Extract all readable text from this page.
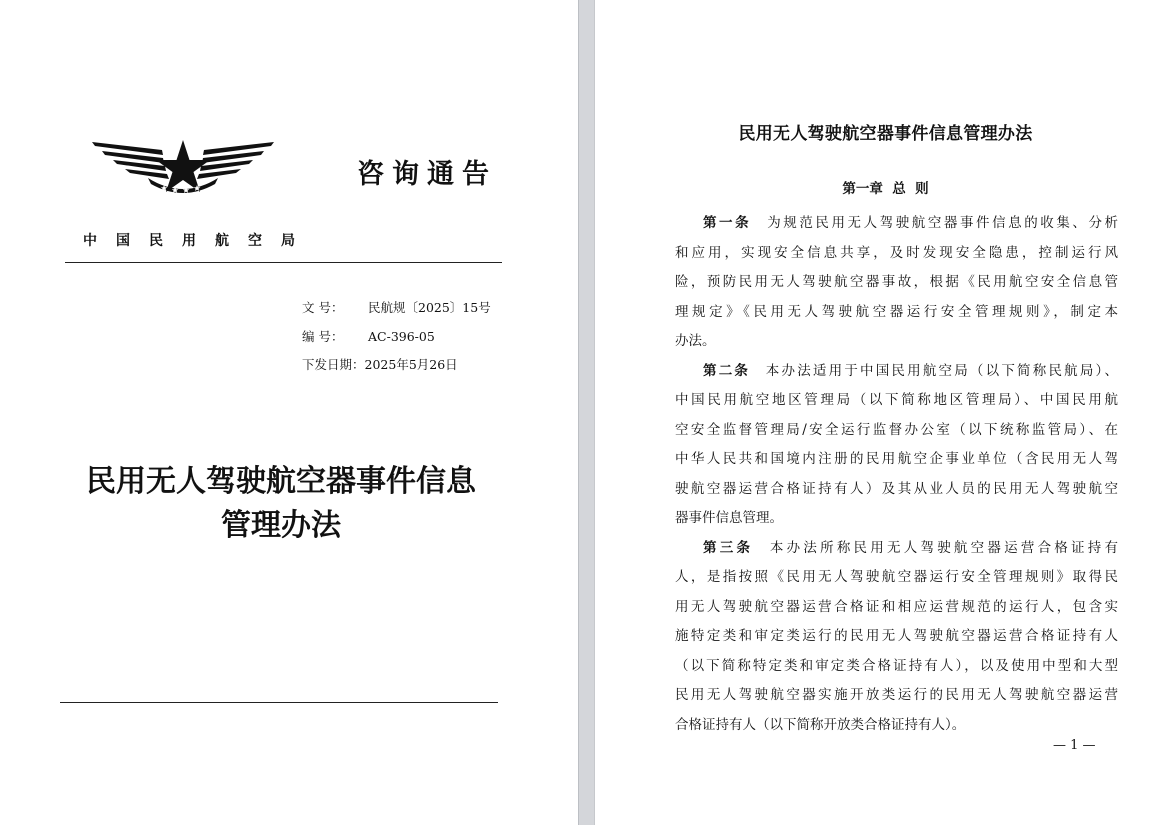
咨询通告
中国民用航空局
文 号： 民航规〔2025〕15号
编 号： AC-396-05
下发日期：2025年5月26日
民用无人驾驶航空器事件信息
管理办法
民用无人驾驶航空器事件信息管理办法
第一章  总  则

第一条  为规范民用无人驾驶航空器事件信息的收集、分析
和应用，实现安全信息共享，及时发现安全隐患，控制运行风
险，预防民用无人驾驶航空器事故，根据《民用航空安全信息管
理规定》《民用无人驾驶航空器运行安全管理规则》，制定本
办法。

第二条  本办法适用于中国民用航空局（以下简称民航局）、
中国民用航空地区管理局（以下简称地区管理局）、中国民用航
空安全监督管理局/安全运行监督办公室（以下统称监管局）、在
中华人民共和国境内注册的民用航空企事业单位（含民用无人驾
驶航空器运营合格证持有人）及其从业人员的民用无人驾驶航空
器事件信息管理。

第三条  本办法所称民用无人驾驶航空器运营合格证持有
人，是指按照《民用无人驾驶航空器运行安全管理规则》取得民
用无人驾驶航空器运营合格证和相应运营规范的运行人，包含实
施特定类和审定类运行的民用无人驾驶航空器运营合格证持有人
（以下简称特定类和审定类合格证持有人），以及使用中型和大型
民用无人驾驶航空器实施开放类运行的民用无人驾驶航空器运营
合格证持有人（以下简称开放类合格证持有人）。

— 1 —
